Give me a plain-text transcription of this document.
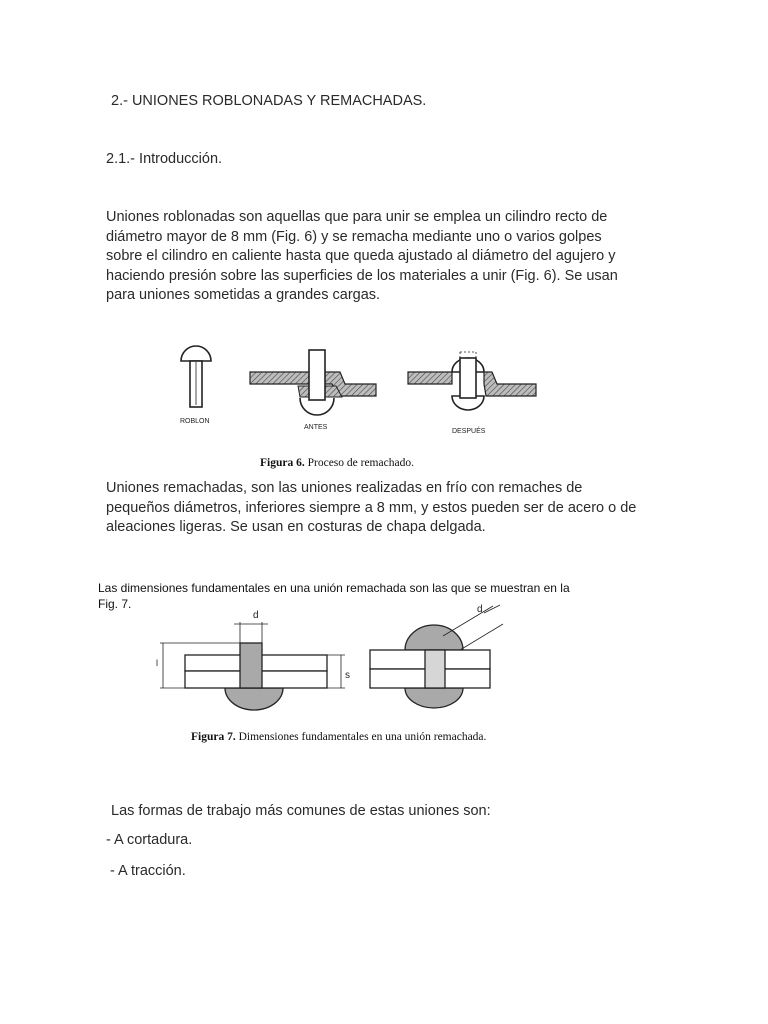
2.- UNIONES ROBLONADAS Y REMACHADAS.
2.1.- Introducción.
Uniones roblonadas son aquellas que para unir se emplea un cilindro recto de
diámetro mayor de 8 mm (Fig. 6) y se remacha mediante uno o varios golpes
sobre el cilindro en caliente hasta que queda ajustado al diámetro del agujero y
haciendo presión sobre las superficies de los materiales a unir (Fig. 6). Se usan
para uniones sometidas a grandes cargas.
ROBLON
ANTES
DESPUÉS
Figura 6. Proceso de remachado.
Uniones remachadas, son las uniones realizadas en frío con remaches de
pequeños diámetros, inferiores siempre a 8 mm, y estos pueden ser de acero o de
aleaciones ligeras. Se usan en costuras de chapa delgada.
Las dimensiones fundamentales en una unión remachada son las que se muestran en la
Fig. 7.
d
l
s
d
Figura 7. Dimensiones fundamentales en una unión remachada.
Las formas de trabajo más comunes de estas uniones son:
- A cortadura.
- A tracción.
